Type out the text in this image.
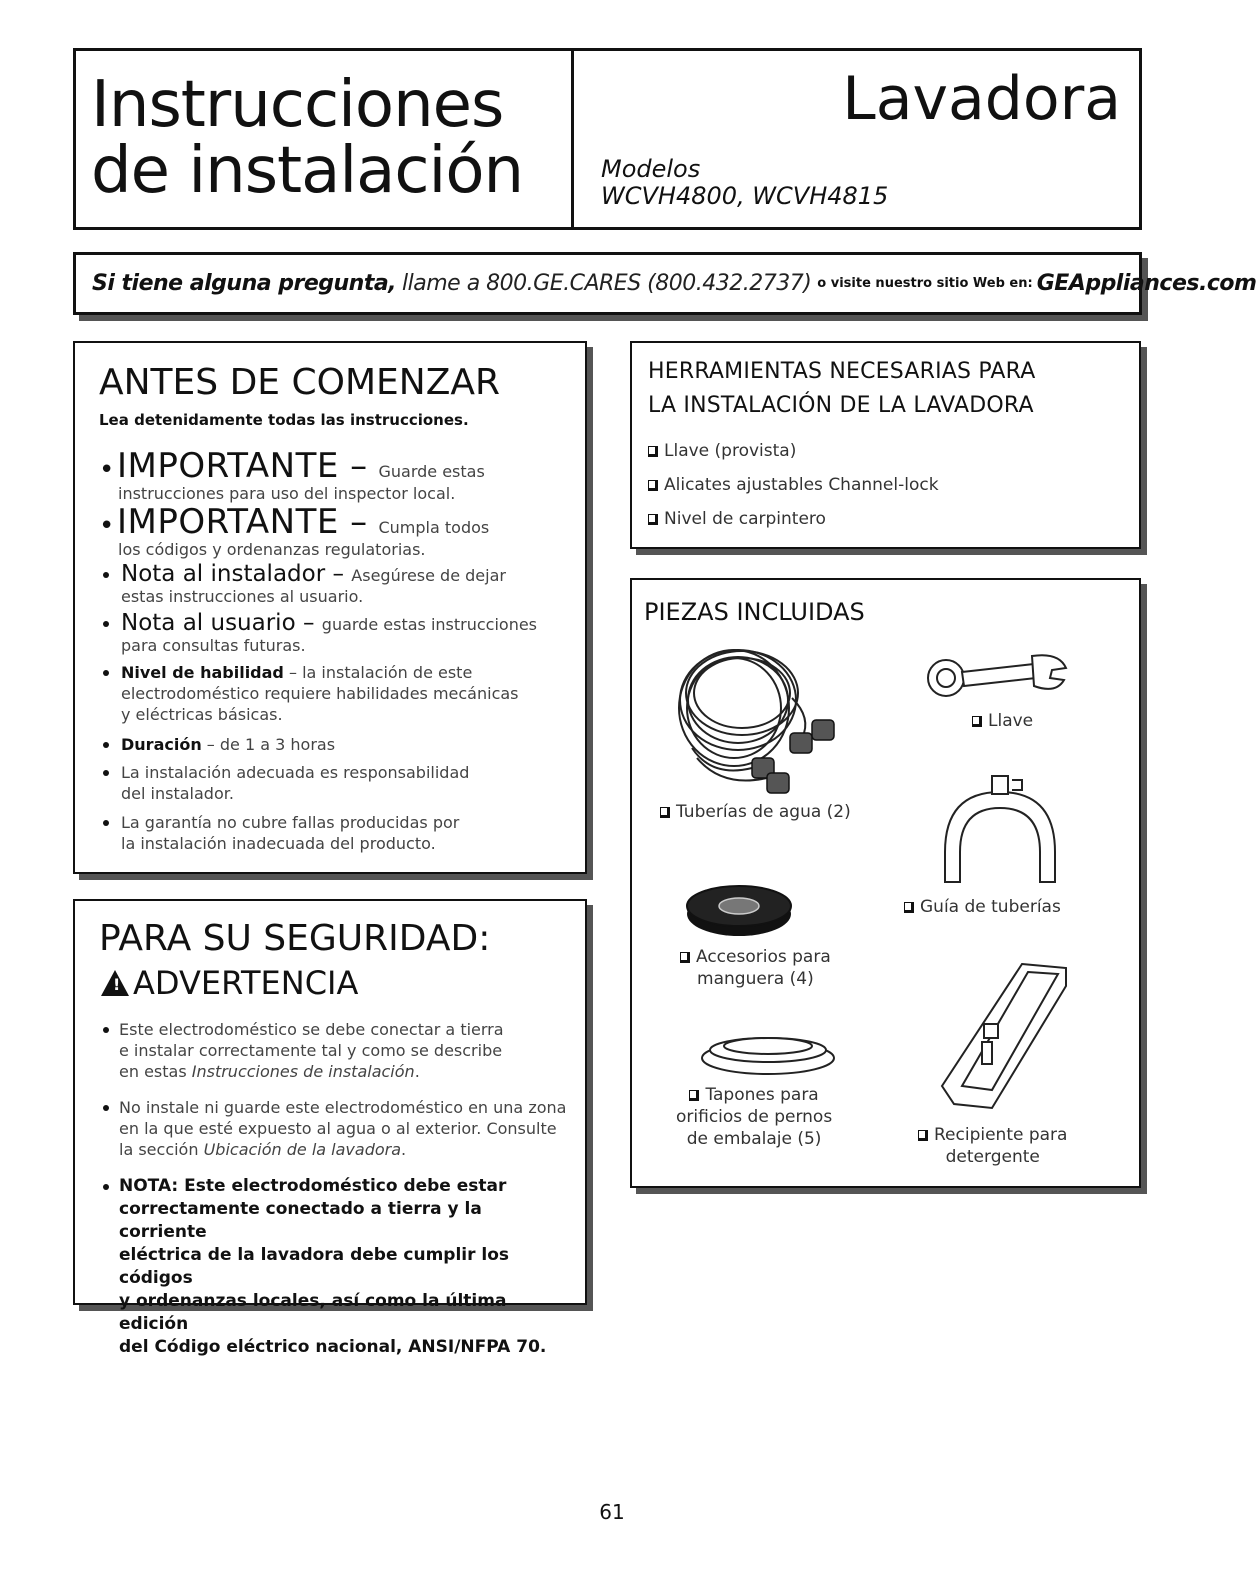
Instrucciones
de instalación
Lavadora
Modelos
WCVH4800, WCVH4815
Si tiene alguna pregunta, llame a 800.GE.CARES (800.432.2737) o visite nuestro sitio Web en: GEAppliances.com
ANTES DE COMENZAR
Lea detenidamente todas las instrucciones.
• IMPORTANTE – Guarde estas
instrucciones para uso del inspector local.
• IMPORTANTE – Cumpla todos
los códigos y ordenanzas regulatorias.
Nota al instalador – Asegúrese de dejar
estas instrucciones al usuario.
Nota al usuario – guarde estas instrucciones
para consultas futuras.
Nivel de habilidad – la instalación de este
electrodoméstico requiere habilidades mecánicas
y eléctricas básicas.
Duración – de 1 a 3 horas
La instalación adecuada es responsabilidad
del instalador.
La garantía no cubre fallas producidas por
la instalación inadecuada del producto.
HERRAMIENTAS NECESARIAS PARA
LA INSTALACIÓN DE LA LAVADORA
Llave (provista)
Alicates ajustables Channel-lock
Nivel de carpintero
PIEZAS INCLUIDAS
Tuberías de agua (2)
Llave
Guía de tuberías
Accesorios para
manguera (4)
Tapones para
orificios de pernos
de embalaje (5)	Recipiente para
detergente
PARA SU SEGURIDAD:
! ADVERTENCIA
Este electrodoméstico se debe conectar a tierra
e instalar correctamente tal y como se describe
en estas Instrucciones de instalación.
No instale ni guarde este electrodoméstico en una zona
en la que esté expuesto al agua o al exterior. Consulte
la sección Ubicación de la lavadora.
NOTA: Este electrodoméstico debe estar
correctamente conectado a tierra y la corriente
eléctrica de la lavadora debe cumplir los códigos
y ordenanzas locales, así como la última edición
del Código eléctrico nacional, ANSI/NFPA 70.
61
